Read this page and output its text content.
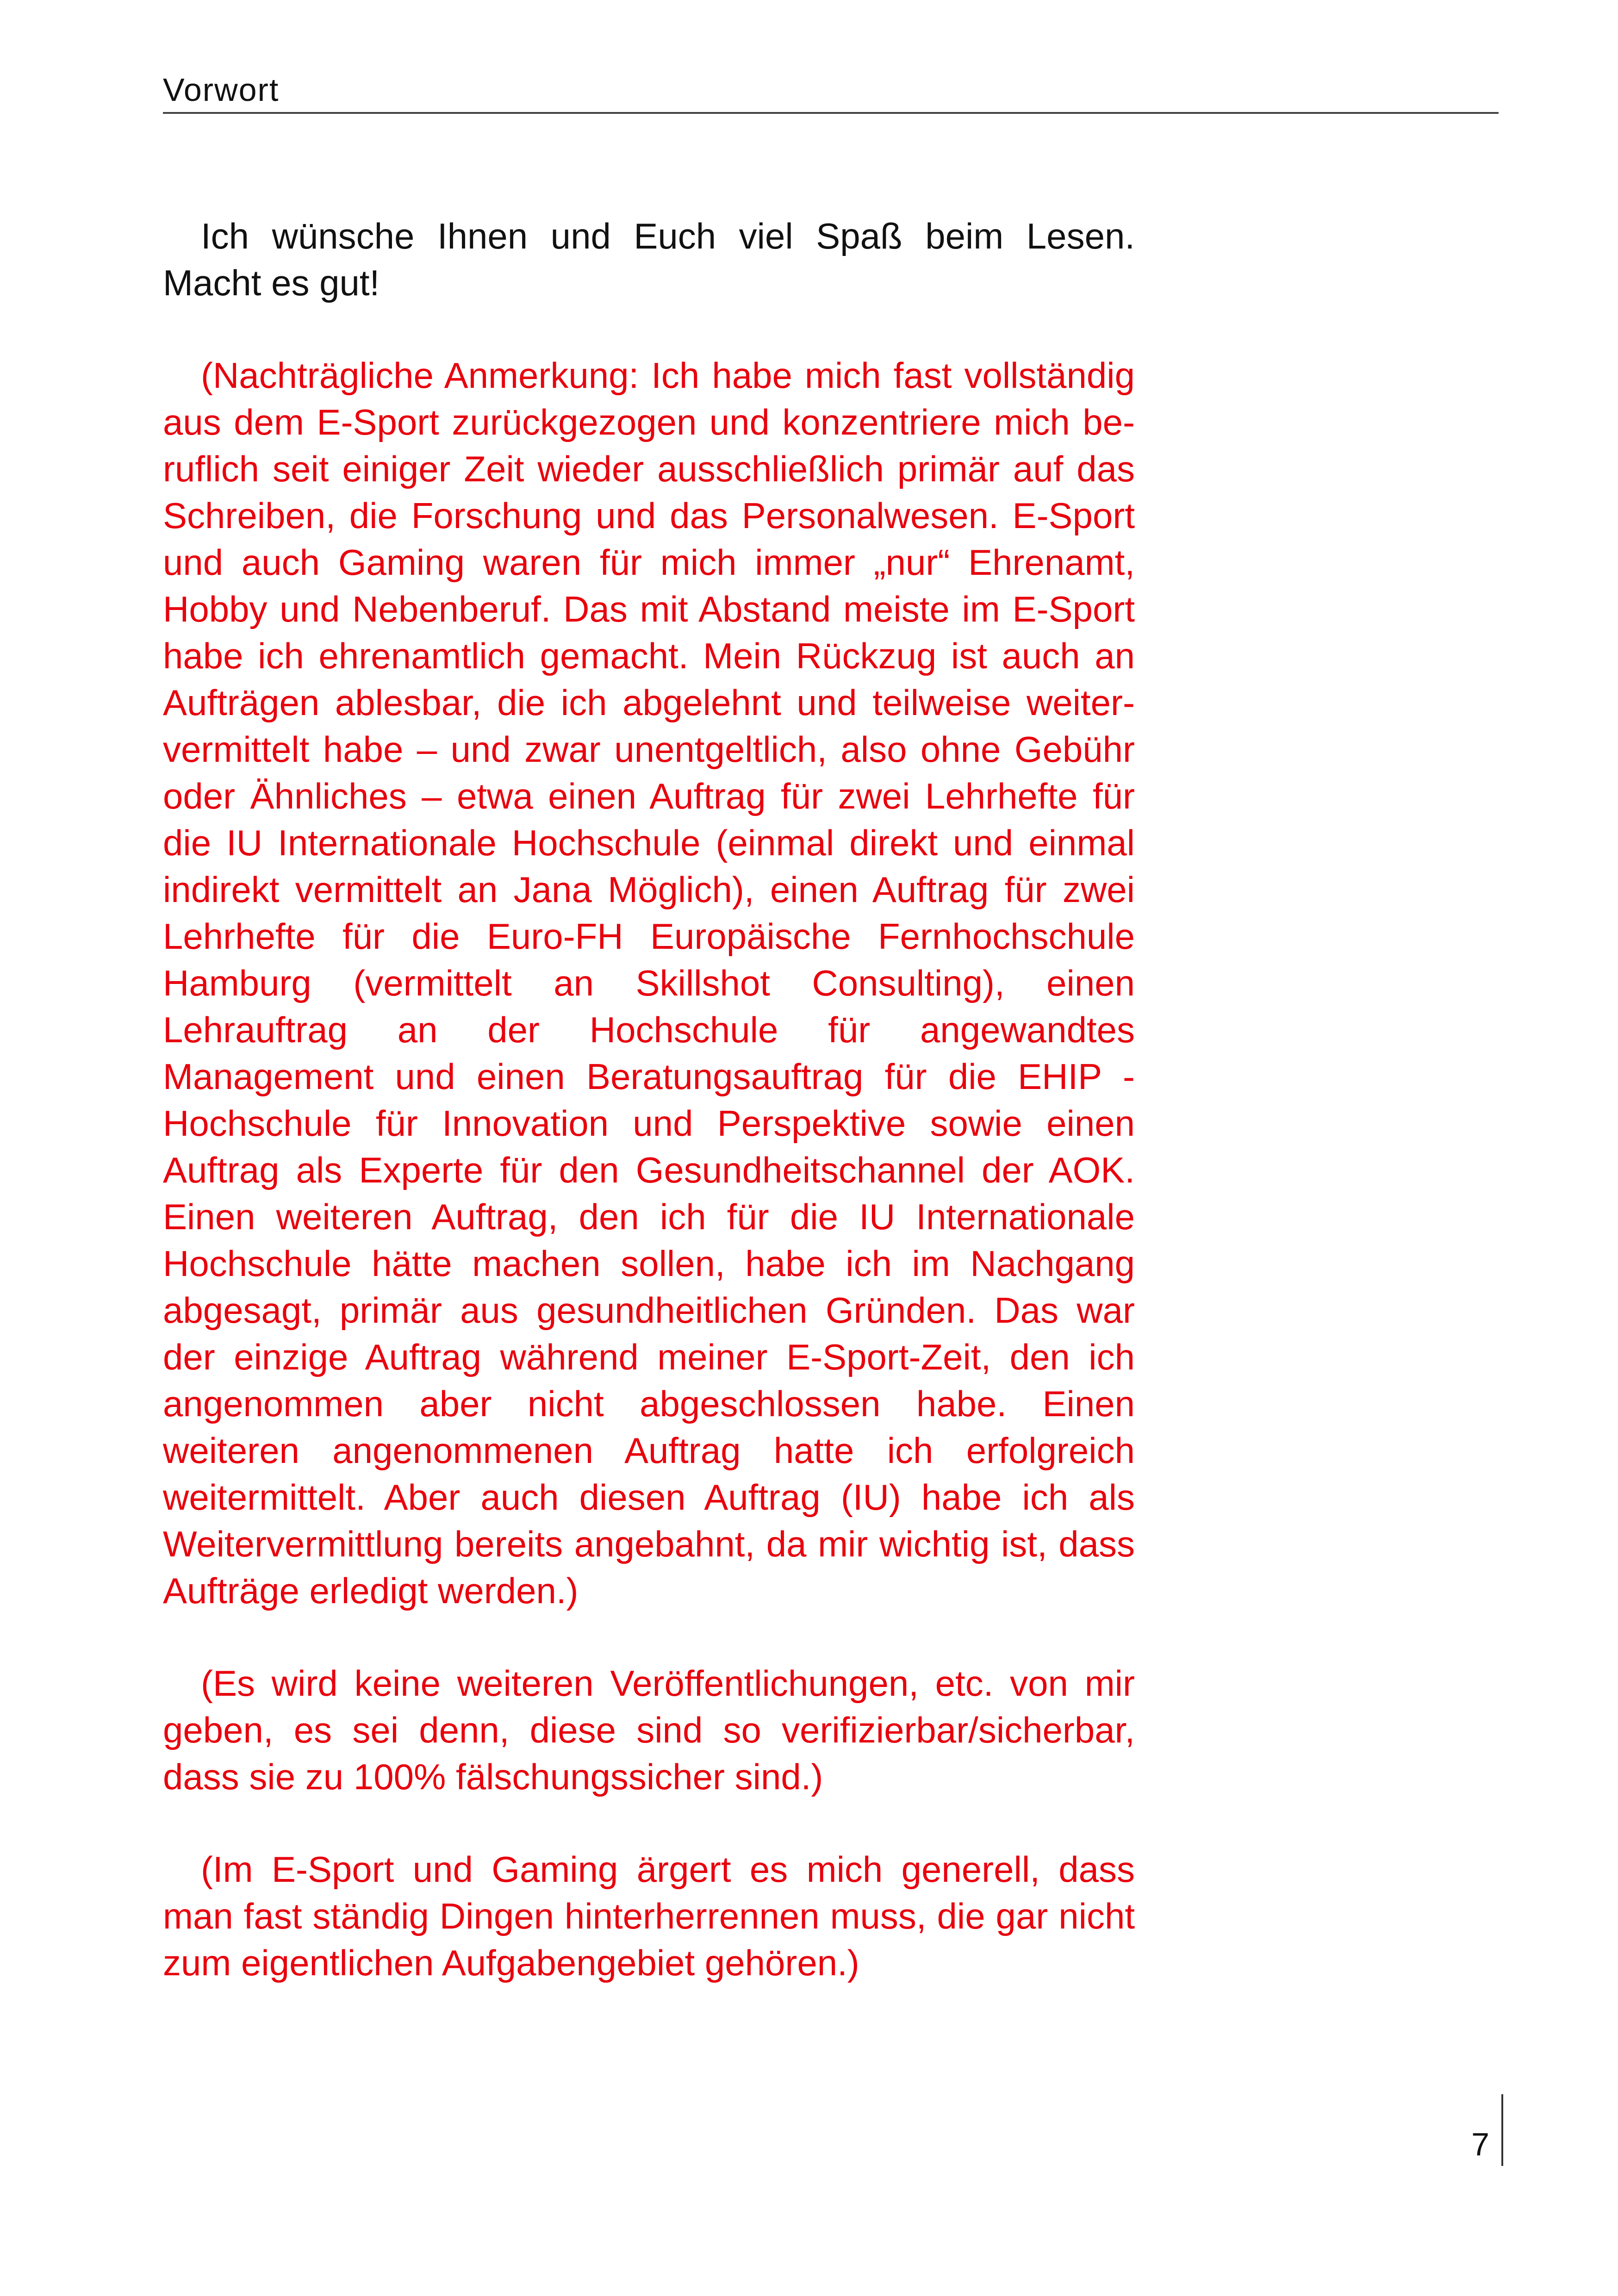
Vorwort

Ich wünsche Ihnen und Euch viel Spaß beim Lesen. Macht es gut!

(Nachträgliche Anmerkung: Ich habe mich fast vollständig aus dem E-Sport zurückgezogen und konzentriere mich beruflich seit einiger Zeit wieder ausschließlich primär auf das Schreiben, die Forschung und das Personalwesen. E-Sport und auch Gaming waren für mich immer „nur“ Ehrenamt, Hobby und Nebenberuf. Das mit Abstand meiste im E-Sport habe ich ehrenamtlich gemacht. Mein Rückzug ist auch an Aufträgen ablesbar, die ich abgelehnt und teilweise weitervermittelt habe – und zwar unentgeltlich, also ohne Gebühr oder Ähnliches – etwa einen Auftrag für zwei Lehrhefte für die IU Internationale Hochschule (einmal direkt und einmal indirekt vermittelt an Jana Möglich), einen Auftrag für zwei Lehrhefte für die Euro-FH Europäische Fernhochschule Hamburg (vermittelt an Skillshot Consulting), einen Lehrauftrag an der Hochschule für angewandtes Management und einen Beratungsauftrag für die EHIP - Hochschule für Innovation und Perspektive sowie einen Auftrag als Experte für den Gesundheitschannel der AOK. Einen weiteren Auftrag, den ich für die IU Internationale Hochschule hätte machen sollen, habe ich im Nachgang abgesagt, primär aus gesundheitlichen Gründen. Das war der einzige Auftrag während meiner E-Sport-Zeit, den ich angenommen aber nicht abgeschlossen habe. Einen weiteren angenommenen Auftrag hatte ich erfolgreich weitermittelt. Aber auch diesen Auftrag (IU) habe ich als Weitervermittlung bereits angebahnt, da mir wichtig ist, dass Aufträge erledigt werden.)

(Es wird keine weiteren Veröffentlichungen, etc. von mir geben, es sei denn, diese sind so verifizierbar/sicherbar, dass sie zu 100% fälschungssicher sind.)

(Im E-Sport und Gaming ärgert es mich generell, dass man fast ständig Dingen hinterherrennen muss, die gar nicht zum eigentlichen Aufgabengebiet gehören.)

7
